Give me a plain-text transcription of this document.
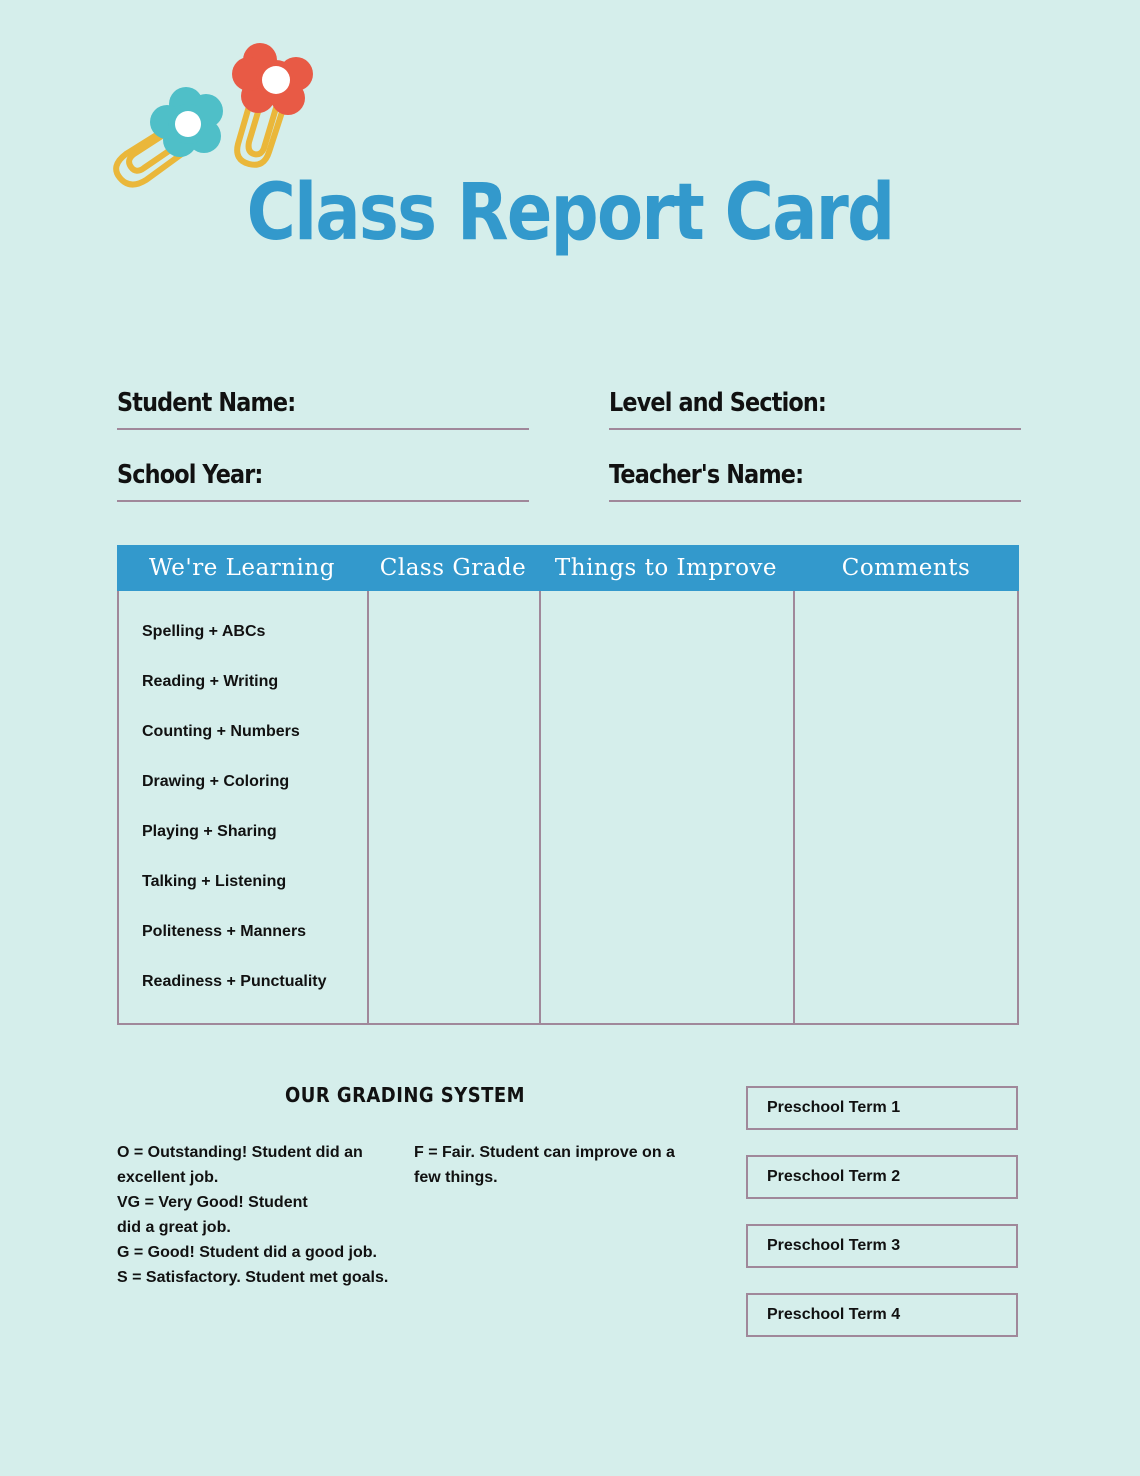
Class Report Card
Student Name:	Level and Section:
School Year:	Teacher's Name:
We're Learning	Class Grade	Things to Improve	Comments
Spelling + ABCs
Reading + Writing
Counting + Numbers
Drawing + Coloring
Playing + Sharing
Talking + Listening
Politeness + Manners
Readiness + Punctuality
OUR GRADING SYSTEM
O = Outstanding! Student did an
excellent job.
VG = Very Good! Student
did a great job.
G = Good! Student did a good job.
S = Satisfactory. Student met goals.
F = Fair. Student can improve on a
few things.
Preschool Term 1
Preschool Term 2
Preschool Term 3
Preschool Term 4
